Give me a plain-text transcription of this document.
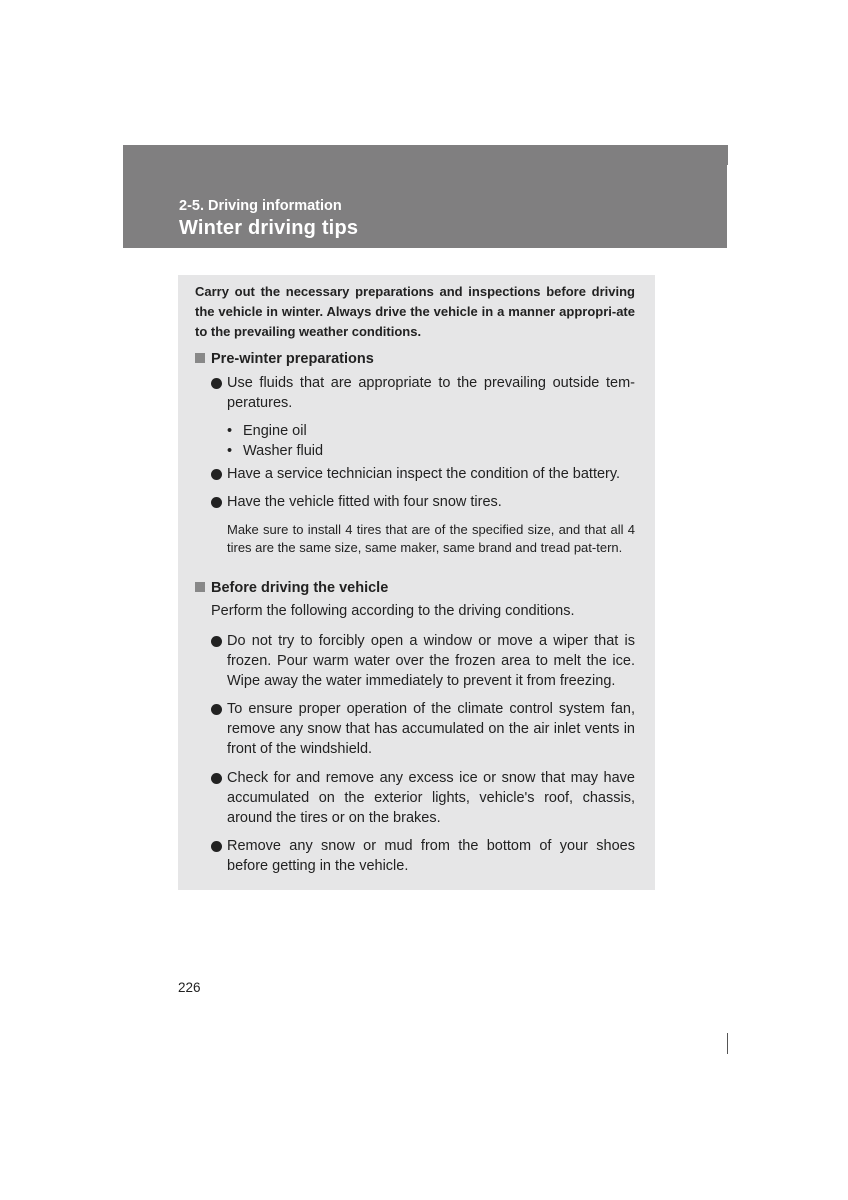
2-5. Driving information
Winter driving tips
Carry out the necessary preparations and inspections before driving the vehicle in winter. Always drive the vehicle in a manner appropri-ate to the prevailing weather conditions.
Pre-winter preparations
Use fluids that are appropriate to the prevailing outside tem-peratures.
• Engine oil
• Washer fluid
Have a service technician inspect the condition of the battery.
Have the vehicle fitted with four snow tires.
Make sure to install 4 tires that are of the specified size, and that all 4 tires are the same size, same maker, same brand and tread pat-tern.
Before driving the vehicle
Perform the following according to the driving conditions.
Do not try to forcibly open a window or move a wiper that is frozen. Pour warm water over the frozen area to melt the ice. Wipe away the water immediately to prevent it from freezing.
To ensure proper operation of the climate control system fan, remove any snow that has accumulated on the air inlet vents in front of the windshield.
Check for and remove any excess ice or snow that may have accumulated on the exterior lights, vehicle's roof, chassis, around the tires or on the brakes.
Remove any snow or mud from the bottom of your shoes before getting in the vehicle.
226
